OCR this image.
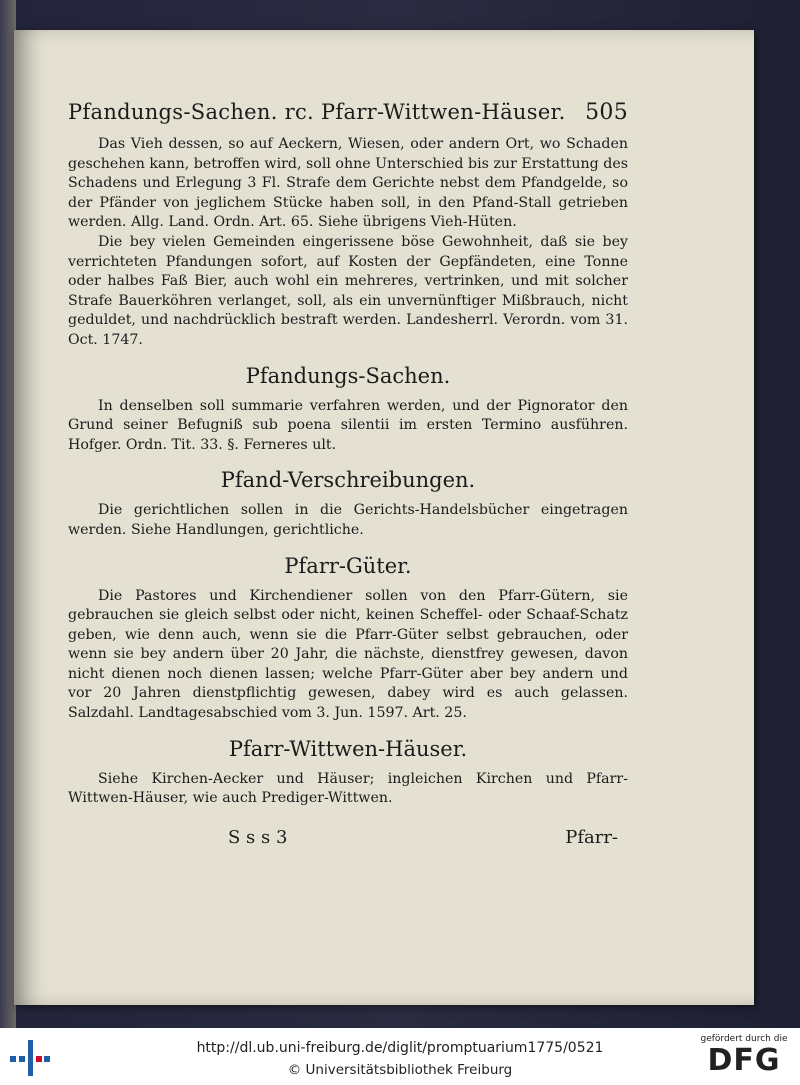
Pfandungs-Sachen. rc. Pfarr-Wittwen-Häuser. 505

Das Vieh dessen, so auf Aeckern, Wiesen, oder andern Ort, wo Schaden geschehen kann, betroffen wird, soll ohne Unterschied bis zur Erstattung des Schadens und Erlegung 3 Fl. Strafe dem Gerichte nebst dem Pfandgelde, so der Pfänder von jeglichem Stücke haben soll, in den Pfand-Stall getrieben werden. Allg. Land. Ordn. Art. 65. Siehe übrigens Vieh-Hüten.

Die bey vielen Gemeinden eingerissene böse Gewohnheit, daß sie bey verrichteten Pfandungen sofort, auf Kosten der Gepfändeten, eine Tonne oder halbes Faß Bier, auch wohl ein mehreres, vertrinken, und mit solcher Strafe Bauerköhren verlanget, soll, als ein unvernünftiger Mißbrauch, nicht geduldet, und nachdrücklich bestraft werden. Landesherrl. Verordn. vom 31. Oct. 1747.

Pfandungs-Sachen.

In denselben soll summarie verfahren werden, und der Pignorator den Grund seiner Befugniß sub poena silentii im ersten Termino ausführen. Hofger. Ordn. Tit. 33. §. Ferneres ult.

Pfand-Verschreibungen.

Die gerichtlichen sollen in die Gerichts-Handelsbücher eingetragen werden. Siehe Handlungen, gerichtliche.

Pfarr-Güter.

Die Pastores und Kirchendiener sollen von den Pfarr-Gütern, sie gebrauchen sie gleich selbst oder nicht, keinen Scheffel- oder Schaaf-Schatz geben, wie denn auch, wenn sie die Pfarr-Güter selbst gebrauchen, oder wenn sie bey andern über 20 Jahr, die nächste, dienstfrey gewesen, davon nicht dienen noch dienen lassen; welche Pfarr-Güter aber bey andern und vor 20 Jahren dienstpflichtig gewesen, dabey wird es auch gelassen. Salzdahl. Landtagesabschied vom 3. Jun. 1597. Art. 25.

Pfarr-Wittwen-Häuser.

Siehe Kirchen-Aecker und Häuser; ingleichen Kirchen und Pfarr-Wittwen-Häuser, wie auch Prediger-Wittwen.

S s s 3	Pfarr-
http://dl.ub.uni-freiburg.de/diglit/promptuarium1775/0521
© Universitätsbibliothek Freiburg
gefördert durch die
DFG
